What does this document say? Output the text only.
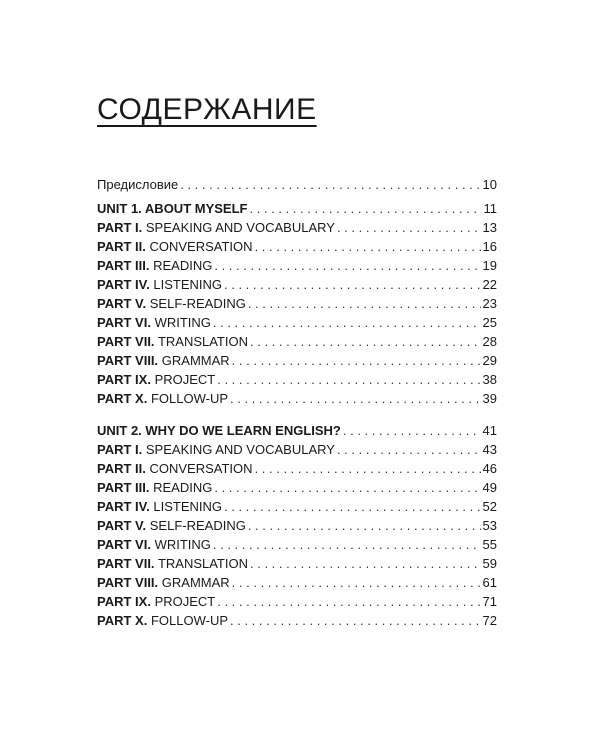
СОДЕРЖАНИЕ
Предисловие . . .	10
UNIT 1. ABOUT MYSELF . . .	11
PART I. SPEAKING AND VOCABULARY . . .	13
PART II. CONVERSATION . . .	16
PART III. READING . . .	19
PART IV. LISTENING . . .	22
PART V. SELF-READING . . .	23
PART VI. WRITING . . .	25
PART VII. TRANSLATION . . .	28
PART VIII. GRAMMAR . . .	29
PART IX. PROJECT . . .	38
PART X. FOLLOW-UP . . .	39
UNIT 2. WHY DO WE LEARN ENGLISH? . . .	41
PART I. SPEAKING AND VOCABULARY . . .	43
PART II. CONVERSATION . . .	46
PART III. READING . . .	49
PART IV. LISTENING . . .	52
PART V. SELF-READING . . .	53
PART VI. WRITING . . .	55
PART VII. TRANSLATION . . .	59
PART VIII. GRAMMAR . . .	61
PART IX. PROJECT . . .	71
PART X. FOLLOW-UP . . .	72
